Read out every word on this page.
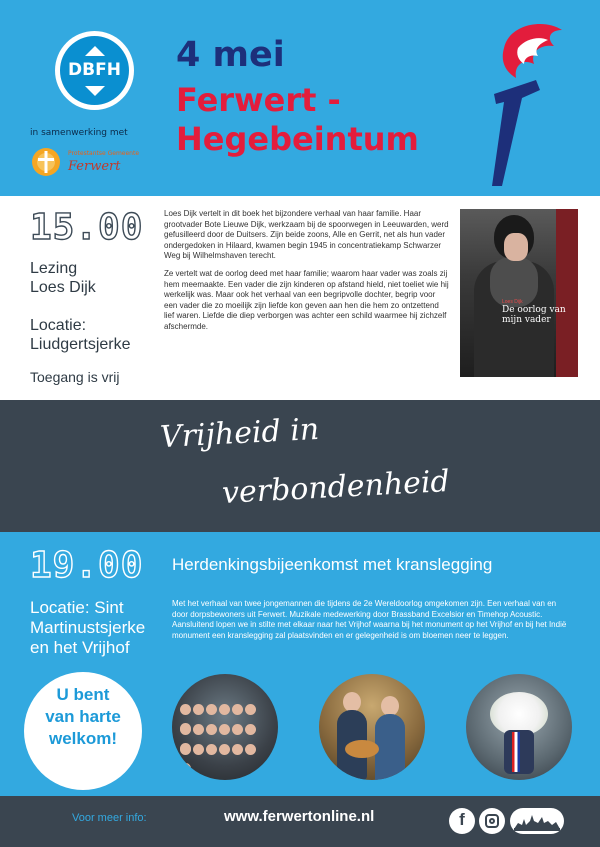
DBFH
in samenwerking met
Protestantse Gemeente
Ferwert
4 mei
Ferwert -
Hegebeintum
15.00
Lezing
Loes Dijk
Locatie:
Liudgertsjerke
Toegang is vrij

Loes Dijk vertelt in dit boek het bijzondere verhaal van haar familie. Haar grootvader Bote Lieuwe Dijk, werkzaam bij de spoorwegen in Leeuwarden, werd gefusilleerd door de Duitsers. Zijn beide zoons, Alle en Gerrit, net als hun vader ondergedoken in Hilaard, kwamen begin 1945 in concentratiekamp Schwarzer Weg bij Wilhelmshaven terecht.

Ze vertelt wat de oorlog deed met haar familie; waarom haar vader was zoals zij hem meemaakte. Een vader die zijn kinderen op afstand hield, niet toeliet wie hij werkelijk was. Maar ook het verhaal van een begripvolle dochter, begrip voor een vader die zo moeilijk zijn liefde kon geven aan hen die hem zo ontzettend lief waren. Liefde die diep verborgen was achter een schild waarmee hij zichzelf afschermde.

Loes Dijk
De oorlog van mijn vader
Vrijheid in
verbondenheid
19.00 Herdenkingsbijeenkomst met kranslegging
Locatie: Sint
Martinustsjerke
en het Vrijhof
Met het verhaal van twee jongemannen die tijdens de 2e Wereldoorlog omgekomen zijn. Een verhaal van en door dorpsbewoners uit Ferwert. Muzikale medewerking door Brassband Excelsior en Timehop Acoustic. Aansluitend lopen we in stilte met elkaar naar het Vrijhof waarna bij het monument op het Vrijhof en bij het Indië monument een kranslegging zal plaatsvinden en er gelegenheid is om bloemen neer te leggen.
U bent
van harte
welkom!
Voor meer info:	www.ferwertonline.nl	f
